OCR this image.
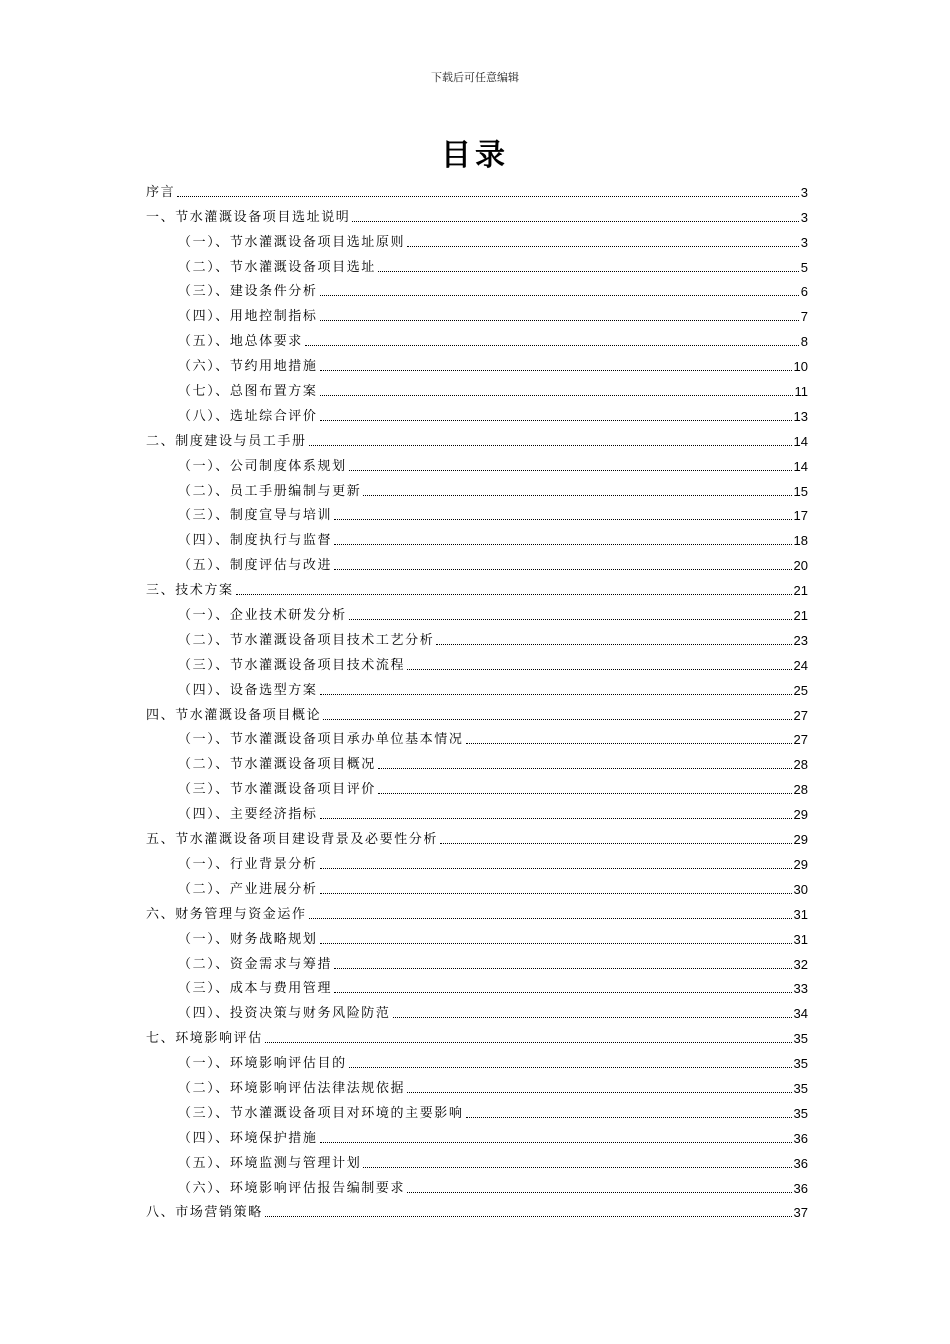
下载后可任意编辑
目录
序言	3
一、节水灌溉设备项目选址说明	3
（一）、节水灌溉设备项目选址原则	3
（二）、节水灌溉设备项目选址	5
（三）、建设条件分析	6
（四）、用地控制指标	7
（五）、地总体要求	8
（六）、节约用地措施	10
（七）、总图布置方案	11
（八）、选址综合评价	13
二、制度建设与员工手册	14
（一）、公司制度体系规划	14
（二）、员工手册编制与更新	15
（三）、制度宣导与培训	17
（四）、制度执行与监督	18
（五）、制度评估与改进	20
三、技术方案	21
（一）、企业技术研发分析	21
（二）、节水灌溉设备项目技术工艺分析	23
（三）、节水灌溉设备项目技术流程	24
（四）、设备选型方案	25
四、节水灌溉设备项目概论	27
（一）、节水灌溉设备项目承办单位基本情况	27
（二）、节水灌溉设备项目概况	28
（三）、节水灌溉设备项目评价	28
（四）、主要经济指标	29
五、节水灌溉设备项目建设背景及必要性分析	29
（一）、行业背景分析	29
（二）、产业进展分析	30
六、财务管理与资金运作	31
（一）、财务战略规划	31
（二）、资金需求与筹措	32
（三）、成本与费用管理	33
（四）、投资决策与财务风险防范	34
七、环境影响评估	35
（一）、环境影响评估目的	35
（二）、环境影响评估法律法规依据	35
（三）、节水灌溉设备项目对环境的主要影响	35
（四）、环境保护措施	36
（五）、环境监测与管理计划	36
（六）、环境影响评估报告编制要求	36
八、市场营销策略	37
